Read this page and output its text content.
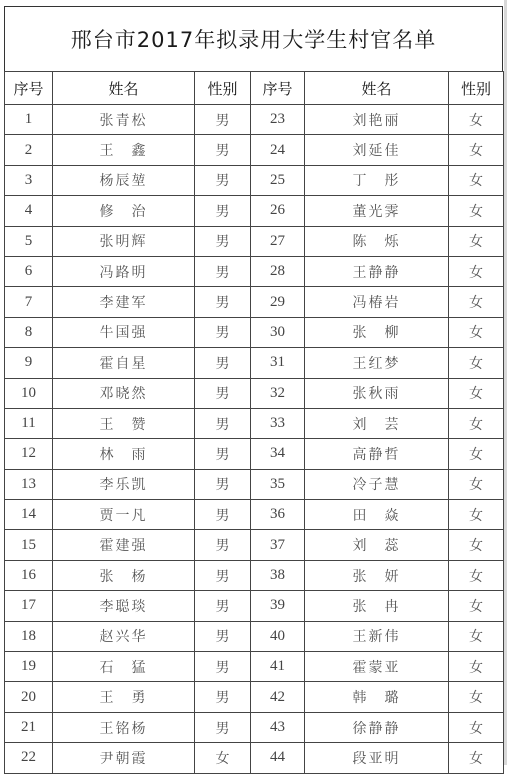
邢台市2017年拟录用大学生村官名单
序号	姓名	性别	序号	姓名	性别
1	张青松	男	23	刘艳丽	女
2	王　鑫	男	24	刘延佳	女
3	杨辰堃	男	25	丁　彤	女
4	修　治	男	26	董光霁	女
5	张明辉	男	27	陈　烁	女
6	冯路明	男	28	王静静	女
7	李建军	男	29	冯椿岩	女
8	牛国强	男	30	张　柳	女
9	霍自星	男	31	王红梦	女
10	邓晓然	男	32	张秋雨	女
11	王　赞	男	33	刘　芸	女
12	林　雨	男	34	高静哲	女
13	李乐凯	男	35	冷子慧	女
14	贾一凡	男	36	田　焱	女
15	霍建强	男	37	刘　蕊	女
16	张　杨	男	38	张　妍	女
17	李聪琰	男	39	张　冉	女
18	赵兴华	男	40	王新伟	女
19	石　猛	男	41	霍蒙亚	女
20	王　勇	男	42	韩　璐	女
21	王铭杨	男	43	徐静静	女
22	尹朝霞	女	44	段亚明	女
